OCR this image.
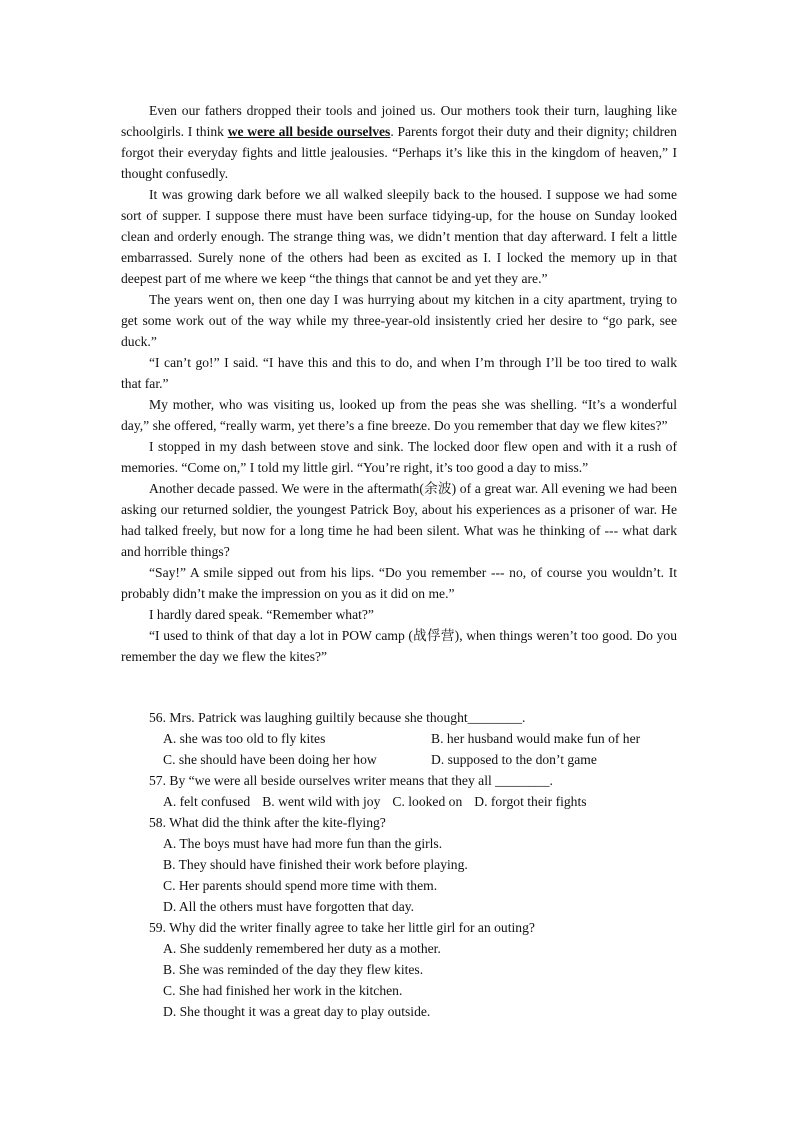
Even our fathers dropped their tools and joined us. Our mothers took their turn, laughing like schoolgirls. I think we were all beside ourselves. Parents forgot their duty and their dignity; children forgot their everyday fights and little jealousies. “Perhaps it’s like this in the kingdom of heaven,” I thought confusedly.

It was growing dark before we all walked sleepily back to the housed. I suppose we had some sort of supper. I suppose there must have been surface tidying-up, for the house on Sunday looked clean and orderly enough. The strange thing was, we didn’t mention that day afterward. I felt a little embarrassed. Surely none of the others had been as excited as I. I locked the memory up in that deepest part of me where we keep “the things that cannot be and yet they are.”

The years went on, then one day I was hurrying about my kitchen in a city apartment, trying to get some work out of the way while my three-year-old insistently cried her desire to “go park, see duck.”

“I can’t go!” I said. “I have this and this to do, and when I’m through I’ll be too tired to walk that far.”

My mother, who was visiting us, looked up from the peas she was shelling. “It’s a wonderful day,” she offered, “really warm, yet there’s a fine breeze. Do you remember that day we flew kites?”

I stopped in my dash between stove and sink. The locked door flew open and with it a rush of memories. “Come on,” I told my little girl. “You’re right, it’s too good a day to miss.”

Another decade passed. We were in the aftermath(余波) of a great war. All evening we had been asking our returned soldier, the youngest Patrick Boy, about his experiences as a prisoner of war. He had talked freely, but now for a long time he had been silent. What was he thinking of --- what dark and horrible things?

“Say!” A smile sipped out from his lips. “Do you remember --- no, of course you wouldn’t. It probably didn’t make the impression on you as it did on me.”

I hardly dared speak. “Remember what?”

“I used to think of that day a lot in POW camp (战俘营), when things weren’t too good. Do you remember the day we flew the kites?”

56. Mrs. Patrick was laughing guiltily because she thought________.
A. she was too old to fly kites	B. her husband would make fun of her
C. she should have been doing her how	D. supposed to the don’t game
57. By “we were all beside ourselves writer means that they all ________.
A. felt confused B. went wild with joy C. looked on D. forgot their fights
58. What did the think after the kite-flying?
A. The boys must have had more fun than the girls.
B. They should have finished their work before playing.
C. Her parents should spend more time with them.
D. All the others must have forgotten that day.
59. Why did the writer finally agree to take her little girl for an outing?
A. She suddenly remembered her duty as a mother.
B. She was reminded of the day they flew kites.
C. She had finished her work in the kitchen.
D. She thought it was a great day to play outside.
